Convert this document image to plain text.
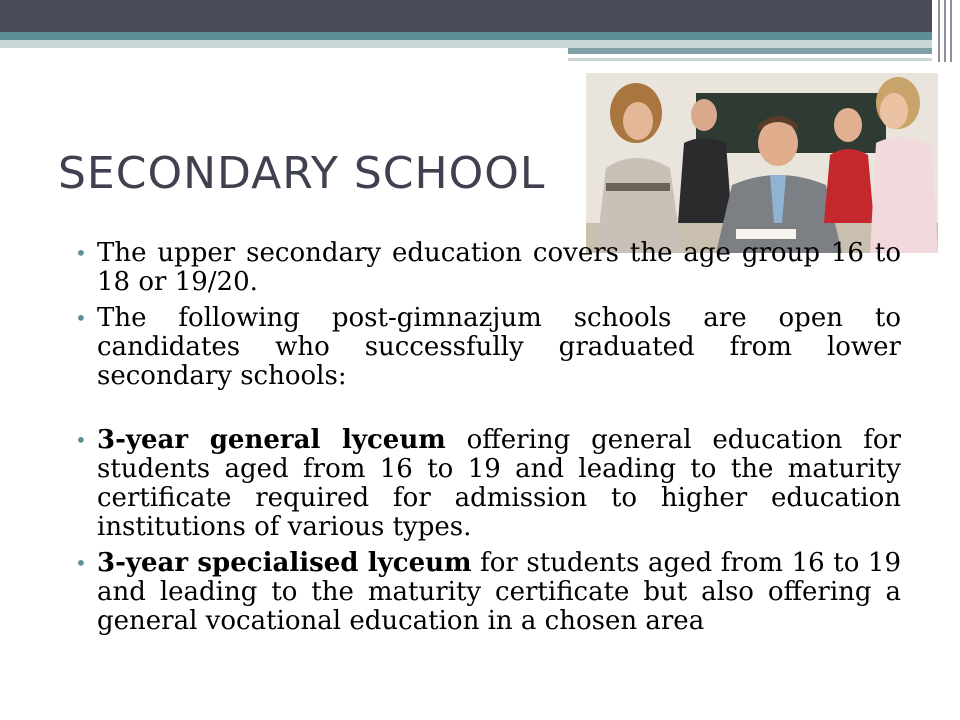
SECONDARY SCHOOL
• The upper secondary education covers the age group 16 to 18 or 19/20.
• The following post-gimnazjum schools are open to candidates who successfully graduated from lower secondary schools:
• 3-year general lyceum offering general education for students aged from 16 to 19 and leading to the maturity certificate required for admission to higher education institutions of various types.
• 3-year specialised lyceum for students aged from 16 to 19 and leading to the maturity certificate but also offering a general vocational education in a chosen area
